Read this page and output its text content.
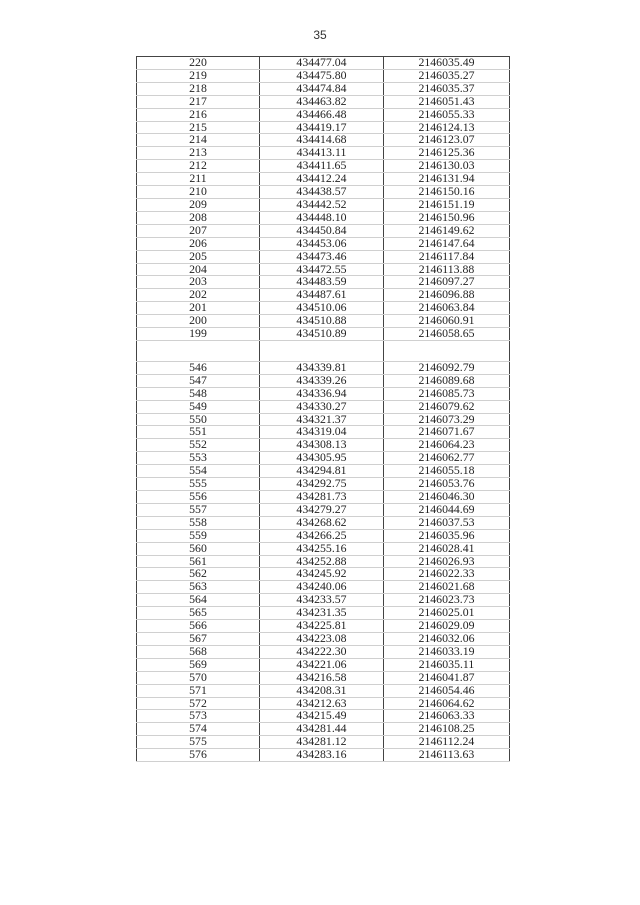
35
220	434477.04	2146035.49
219	434475.80	2146035.27
218	434474.84	2146035.37
217	434463.82	2146051.43
216	434466.48	2146055.33
215	434419.17	2146124.13
214	434414.68	2146123.07
213	434413.11	2146125.36
212	434411.65	2146130.03
211	434412.24	2146131.94
210	434438.57	2146150.16
209	434442.52	2146151.19
208	434448.10	2146150.96
207	434450.84	2146149.62
206	434453.06	2146147.64
205	434473.46	2146117.84
204	434472.55	2146113.88
203	434483.59	2146097.27
202	434487.61	2146096.88
201	434510.06	2146063.84
200	434510.88	2146060.91
199	434510.89	2146058.65

546	434339.81	2146092.79
547	434339.26	2146089.68
548	434336.94	2146085.73
549	434330.27	2146079.62
550	434321.37	2146073.29
551	434319.04	2146071.67
552	434308.13	2146064.23
553	434305.95	2146062.77
554	434294.81	2146055.18
555	434292.75	2146053.76
556	434281.73	2146046.30
557	434279.27	2146044.69
558	434268.62	2146037.53
559	434266.25	2146035.96
560	434255.16	2146028.41
561	434252.88	2146026.93
562	434245.92	2146022.33
563	434240.06	2146021.68
564	434233.57	2146023.73
565	434231.35	2146025.01
566	434225.81	2146029.09
567	434223.08	2146032.06
568	434222.30	2146033.19
569	434221.06	2146035.11
570	434216.58	2146041.87
571	434208.31	2146054.46
572	434212.63	2146064.62
573	434215.49	2146063.33
574	434281.44	2146108.25
575	434281.12	2146112.24
576	434283.16	2146113.63
